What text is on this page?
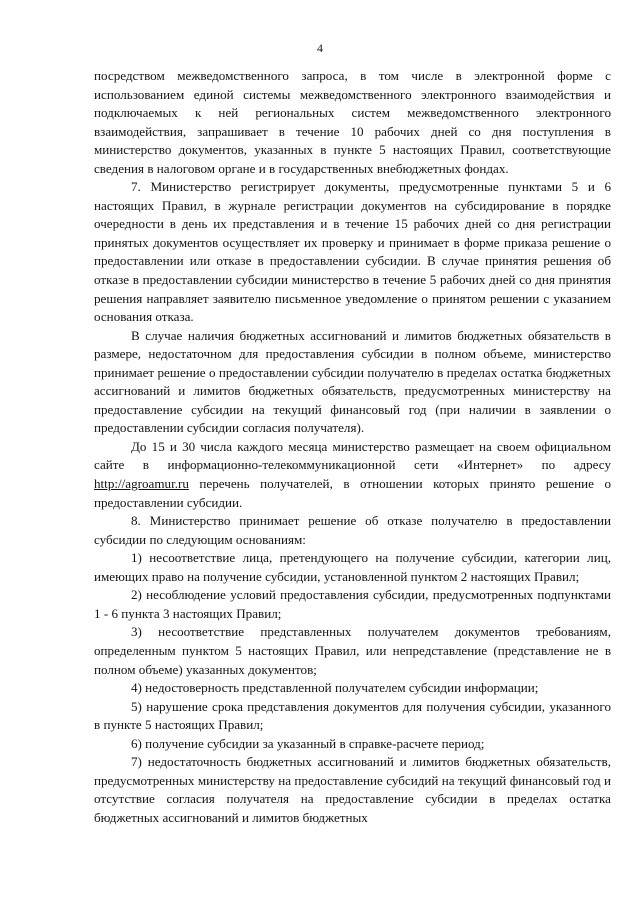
4

посредством межведомственного запроса, в том числе в электронной форме с использованием единой системы межведомственного электронного взаимодействия и подключаемых к ней региональных систем межведомственного электронного взаимодействия, запрашивает в течение 10 рабочих дней со дня поступления в министерство документов, указанных в пункте 5 настоящих Правил, соответствующие сведения в налоговом органе и в государственных внебюджетных фондах.

7. Министерство регистрирует документы, предусмотренные пунктами 5 и 6 настоящих Правил, в журнале регистрации документов на субсидирование в порядке очередности в день их представления и в течение 15 рабочих дней со дня регистрации принятых документов осуществляет их проверку и принимает в форме приказа решение о предоставлении или отказе в предоставлении субсидии. В случае принятия решения об отказе в предоставлении субсидии министерство в течение 5 рабочих дней со дня принятия решения направляет заявителю письменное уведомление о принятом решении с указанием основания отказа.

В случае наличия бюджетных ассигнований и лимитов бюджетных обязательств в размере, недостаточном для предоставления субсидии в полном объеме, министерство принимает решение о предоставлении субсидии получателю в пределах остатка бюджетных ассигнований и лимитов бюджетных обязательств, предусмотренных министерству на предоставление субсидии на текущий финансовый год (при наличии в заявлении о предоставлении субсидии согласия получателя).

До 15 и 30 числа каждого месяца министерство размещает на своем официальном сайте в информационно-телекоммуникационной сети «Интернет» по адресу http://agroamur.ru перечень получателей, в отношении которых принято решение о предоставлении субсидии.

8. Министерство принимает решение об отказе получателю в предоставлении субсидии по следующим основаниям:

1) несоответствие лица, претендующего на получение субсидии, категории лиц, имеющих право на получение субсидии, установленной пунктом 2 настоящих Правил;

2) несоблюдение условий предоставления субсидии, предусмотренных подпунктами 1 - 6 пункта 3 настоящих Правил;

3) несоответствие представленных получателем документов требованиям, определенным пунктом 5 настоящих Правил, или непредставление (представление не в полном объеме) указанных документов;

4) недостоверность представленной получателем субсидии информации;

5) нарушение срока представления документов для получения субсидии, указанного в пункте 5 настоящих Правил;

6) получение субсидии за указанный в справке-расчете период;

7) недостаточность бюджетных ассигнований и лимитов бюджетных обязательств, предусмотренных министерству на предоставление субсидий на текущий финансовый год и отсутствие согласия получателя на предоставление субсидии в пределах остатка бюджетных ассигнований и лимитов бюджетных
